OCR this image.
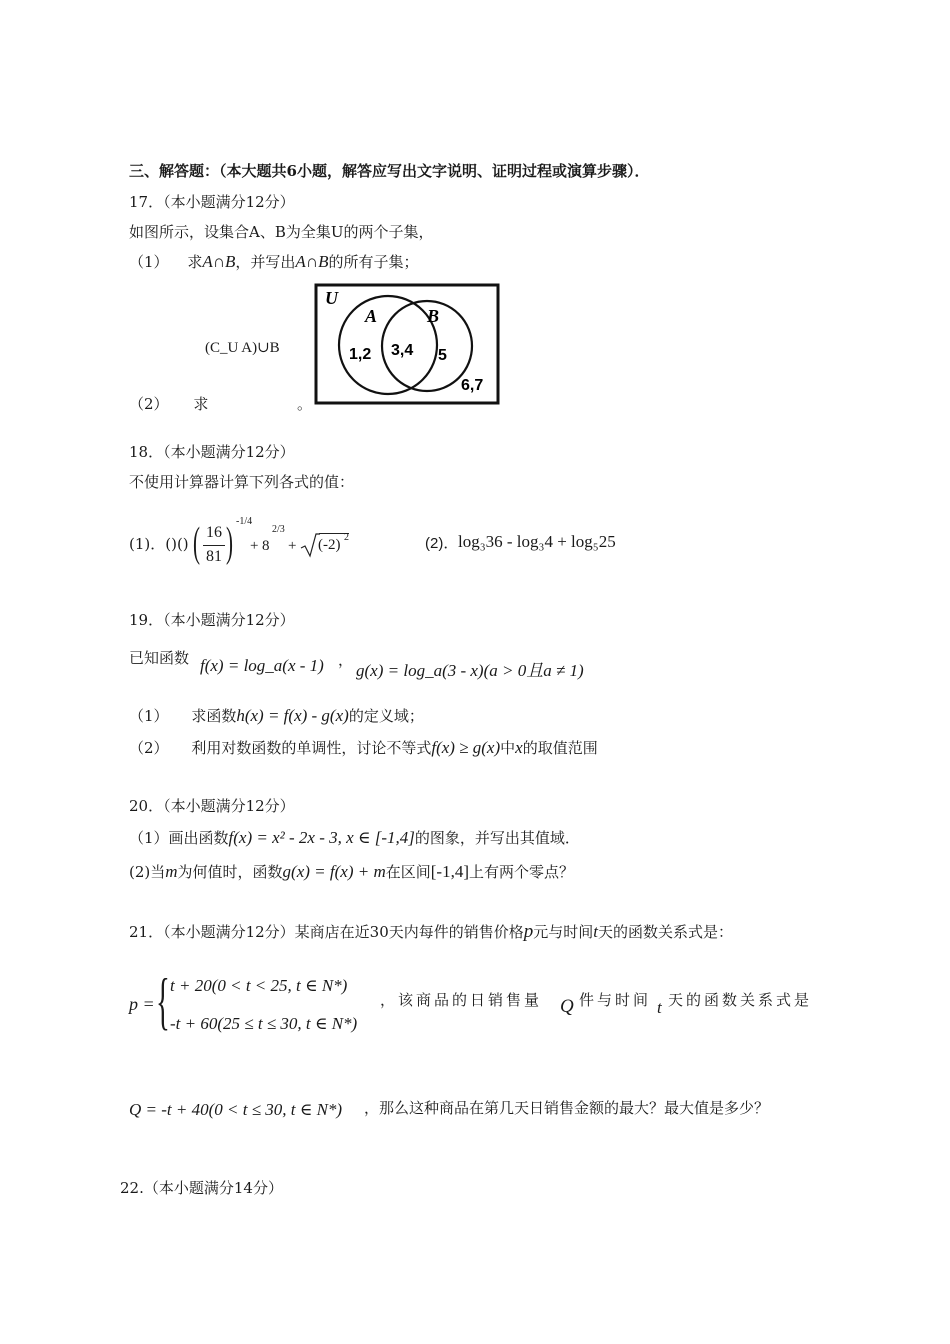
三、解答题：（本大题共6小题，解答应写出文字说明、证明过程或演算步骤）．
17．（本小题满分12分）
如图所示，设集合A、B为全集U的两个子集，
（1） 求A∩B，并写出A∩B的所有子集；
(C_U A)∪B
（2） 求	。
U
A	B
1,2 3,4 5
6,7
18．（本小题满分12分）
不使用计算器计算下列各式的值：
(1)．()() ( 16
81 ) -1/4
+ 8
2/3
+ (-2) 2	(2)． log₃36 - log₃4 + log₅25
19．（本小题满分12分）
已知函数 f(x) = log_a(x - 1) ，
g(x) = log_a(3 - x)(a > 0且a ≠ 1)
（1） 求函数h(x) = f(x) - g(x)的定义域；
（2） 利用对数函数的单调性，讨论不等式f(x) ≥ g(x)中x的取值范围
20．（本小题满分12分）
（1）画出函数f(x) = x² - 2x - 3, x ∈ [-1,4]的图象，并写出其值域．
(2)当m为何值时，函数g(x) = f(x) + m在区间[-1,4]上有两个零点？
21．（本小题满分12分）某商店在近30天内每件的销售价格p元与时间t天的函数关系式是：
p = { t + 20(0 < t < 25, t ∈ N*)
-t + 60(25 ≤ t ≤ 30, t ∈ N*)
，该商品的日销售量 Q 件与时间 t 天的函数关系式是
Q = -t + 40(0 < t ≤ 30, t ∈ N*) ，那么这种商品在第几天日销售金额的最大？最大值是多少？
22.（本小题满分14分）
